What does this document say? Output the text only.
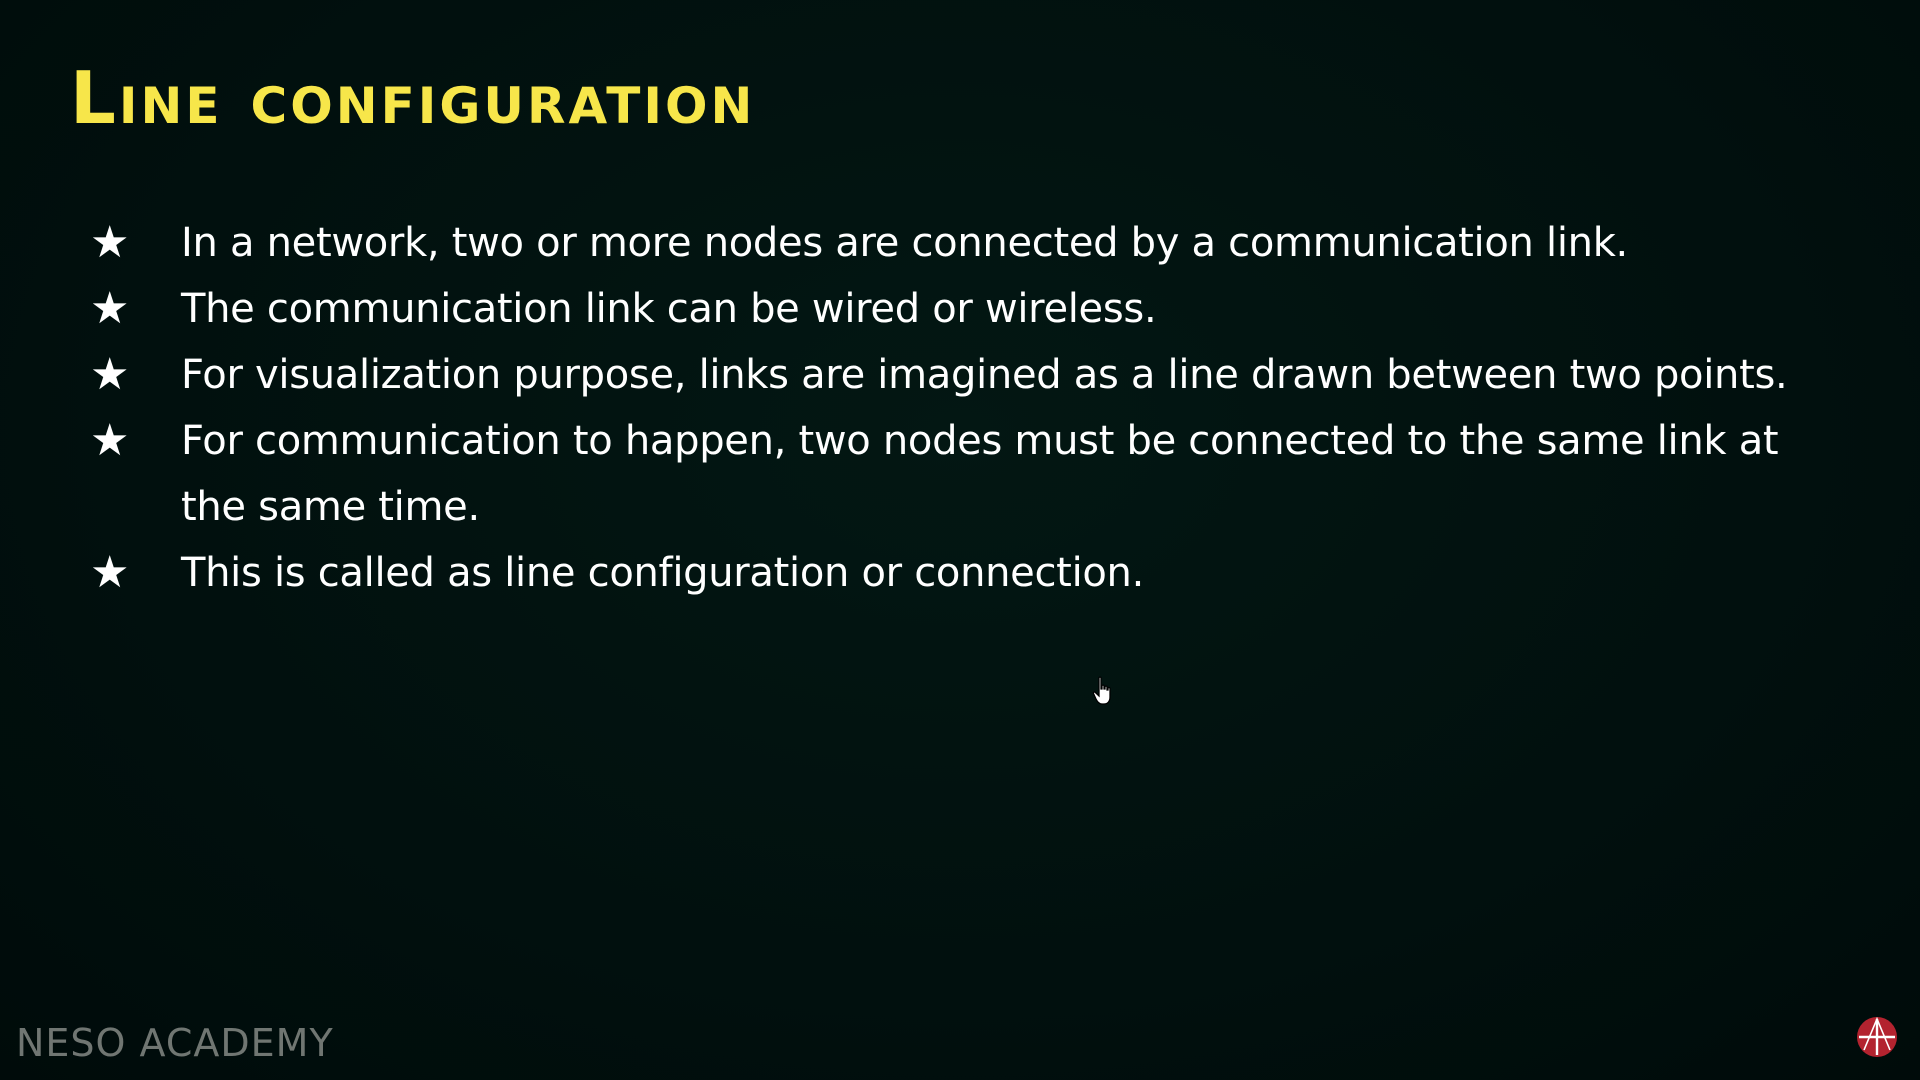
Line configuration
★ In a network, two or more nodes are connected by a communication link.
★ The communication link can be wired or wireless.
★ For visualization purpose, links are imagined as a line drawn between two points.
★ For communication to happen, two nodes must be connected to the same link at the same time.
★ This is called as line configuration or connection.
NESO ACADEMY
